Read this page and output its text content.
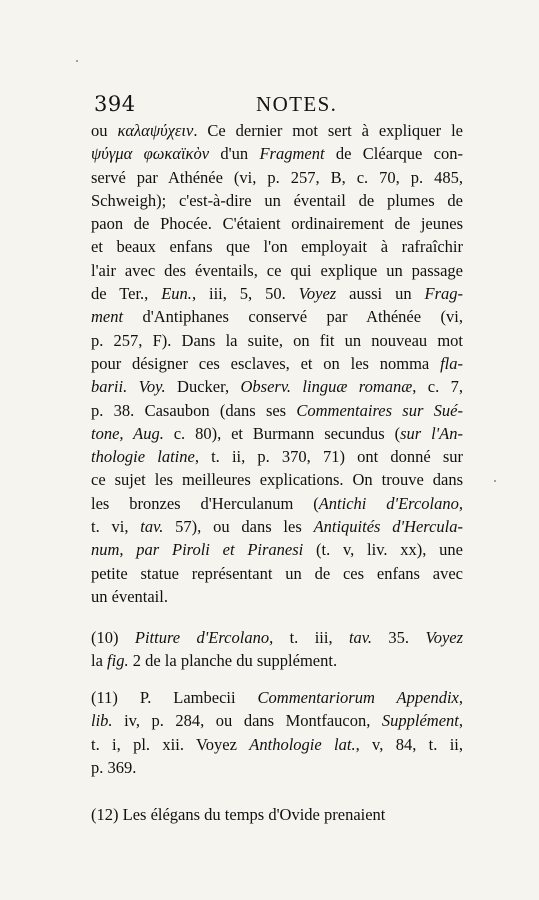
394	NOTES.

ou καλαψύχειν. Ce dernier mot sert à expliquer le
ψύγμα φωκαϊκὸν d'un Fragment de Cléarque con-
servé par Athénée (vi, p. 257, B, c. 70, p. 485,
Schweigh); c'est-à-dire un éventail de plumes de
paon de Phocée. C'étaient ordinairement de jeunes
et beaux enfans que l'on employait à rafraîchir
l'air avec des éventails, ce qui explique un passage
de Ter., Eun., iii, 5, 50. Voyez aussi un Frag-
ment d'Antiphanes conservé par Athénée (vi,
p. 257, F). Dans la suite, on fit un nouveau mot
pour désigner ces esclaves, et on les nomma fla-
barii. Voy. Ducker, Observ. linguæ romanæ, c. 7,
p. 38. Casaubon (dans ses Commentaires sur Sué-
tone, Aug. c. 80), et Burmann secundus (sur l'An-
thologie latine, t. ii, p. 370, 71) ont donné sur
ce sujet les meilleures explications. On trouve dans
les bronzes d'Herculanum (Antichi d'Ercolano,
t. vi, tav. 57), ou dans les Antiquités d'Hercula-
num, par Piroli et Piranesi (t. v, liv. xx), une
petite statue représentant un de ces enfans avec
un éventail.

(10) Pitture d'Ercolano, t. iii, tav. 35. Voyez
la fig. 2 de la planche du supplément.

(11) P. Lambecii Commentariorum Appendix,
lib. iv, p. 284, ou dans Montfaucon, Supplément,
t. i, pl. xii. Voyez Anthologie lat., v, 84, t. ii,
p. 369.

(12) Les élégans du temps d'Ovide prenaient
